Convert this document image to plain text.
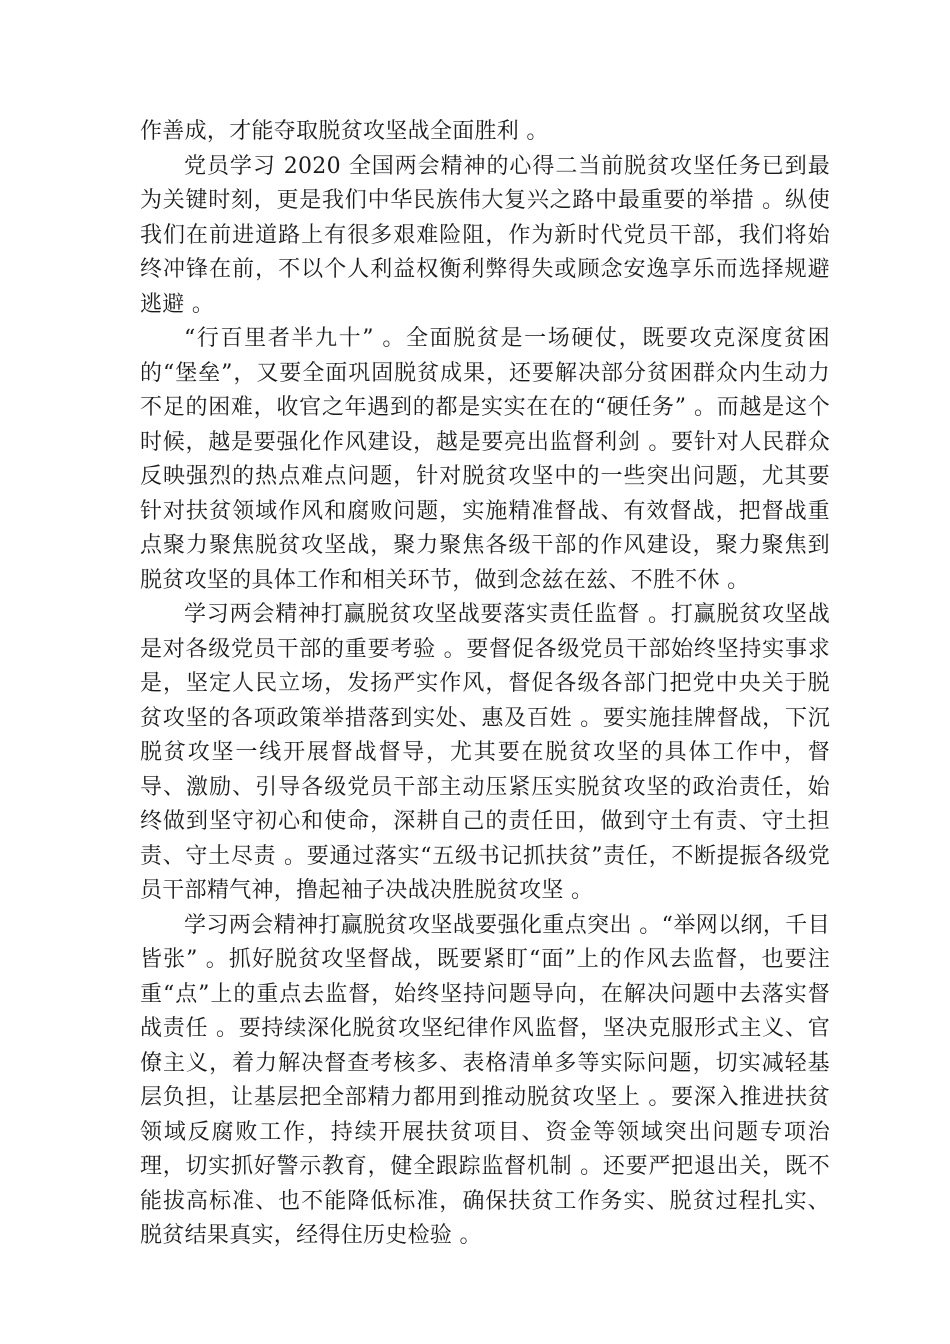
作善成，才能夺取脱贫攻坚战全面胜利 。

党员学习 2020 全国两会精神的心得二当前脱贫攻坚任务已到最为关键时刻，更是我们中华民族伟大复兴之路中最重要的举措 。纵使我们在前进道路上有很多艰难险阻，作为新时代党员干部，我们将始终冲锋在前，不以个人利益权衡利弊得失或顾念安逸享乐而选择规避逃避 。

“行百里者半九十” 。全面脱贫是一场硬仗，既要攻克深度贫困的“堡垒”，又要全面巩固脱贫成果，还要解决部分贫困群众内生动力不足的困难，收官之年遇到的都是实实在在的“硬任务” 。而越是这个时候，越是要强化作风建设，越是要亮出监督利剑 。要针对人民群众反映强烈的热点难点问题，针对脱贫攻坚中的一些突出问题，尤其要针对扶贫领域作风和腐败问题，实施精准督战、有效督战，把督战重点聚力聚焦脱贫攻坚战，聚力聚焦各级干部的作风建设，聚力聚焦到脱贫攻坚的具体工作和相关环节，做到念兹在兹、不胜不休 。

学习两会精神打赢脱贫攻坚战要落实责任监督 。打赢脱贫攻坚战是对各级党员干部的重要考验 。要督促各级党员干部始终坚持实事求是，坚定人民立场，发扬严实作风，督促各级各部门把党中央关于脱贫攻坚的各项政策举措落到实处、惠及百姓 。要实施挂牌督战，下沉脱贫攻坚一线开展督战督导，尤其要在脱贫攻坚的具体工作中，督导、激励、引导各级党员干部主动压紧压实脱贫攻坚的政治责任，始终做到坚守初心和使命，深耕自己的责任田，做到守土有责、守土担责、守土尽责 。要通过落实“五级书记抓扶贫”责任，不断提振各级党员干部精气神，撸起袖子决战决胜脱贫攻坚 。

学习两会精神打赢脱贫攻坚战要强化重点突出 。“举网以纲，千目皆张” 。抓好脱贫攻坚督战，既要紧盯“面”上的作风去监督，也要注重“点”上的重点去监督，始终坚持问题导向，在解决问题中去落实督战责任 。要持续深化脱贫攻坚纪律作风监督，坚决克服形式主义、官僚主义，着力解决督查考核多、表格清单多等实际问题，切实减轻基层负担，让基层把全部精力都用到推动脱贫攻坚上 。要深入推进扶贫领域反腐败工作，持续开展扶贫项目、资金等领域突出问题专项治理，切实抓好警示教育，健全跟踪监督机制 。还要严把退出关，既不能拔高标准、也不能降低标准，确保扶贫工作务实、脱贫过程扎实、脱贫结果真实，经得住历史检验 。
